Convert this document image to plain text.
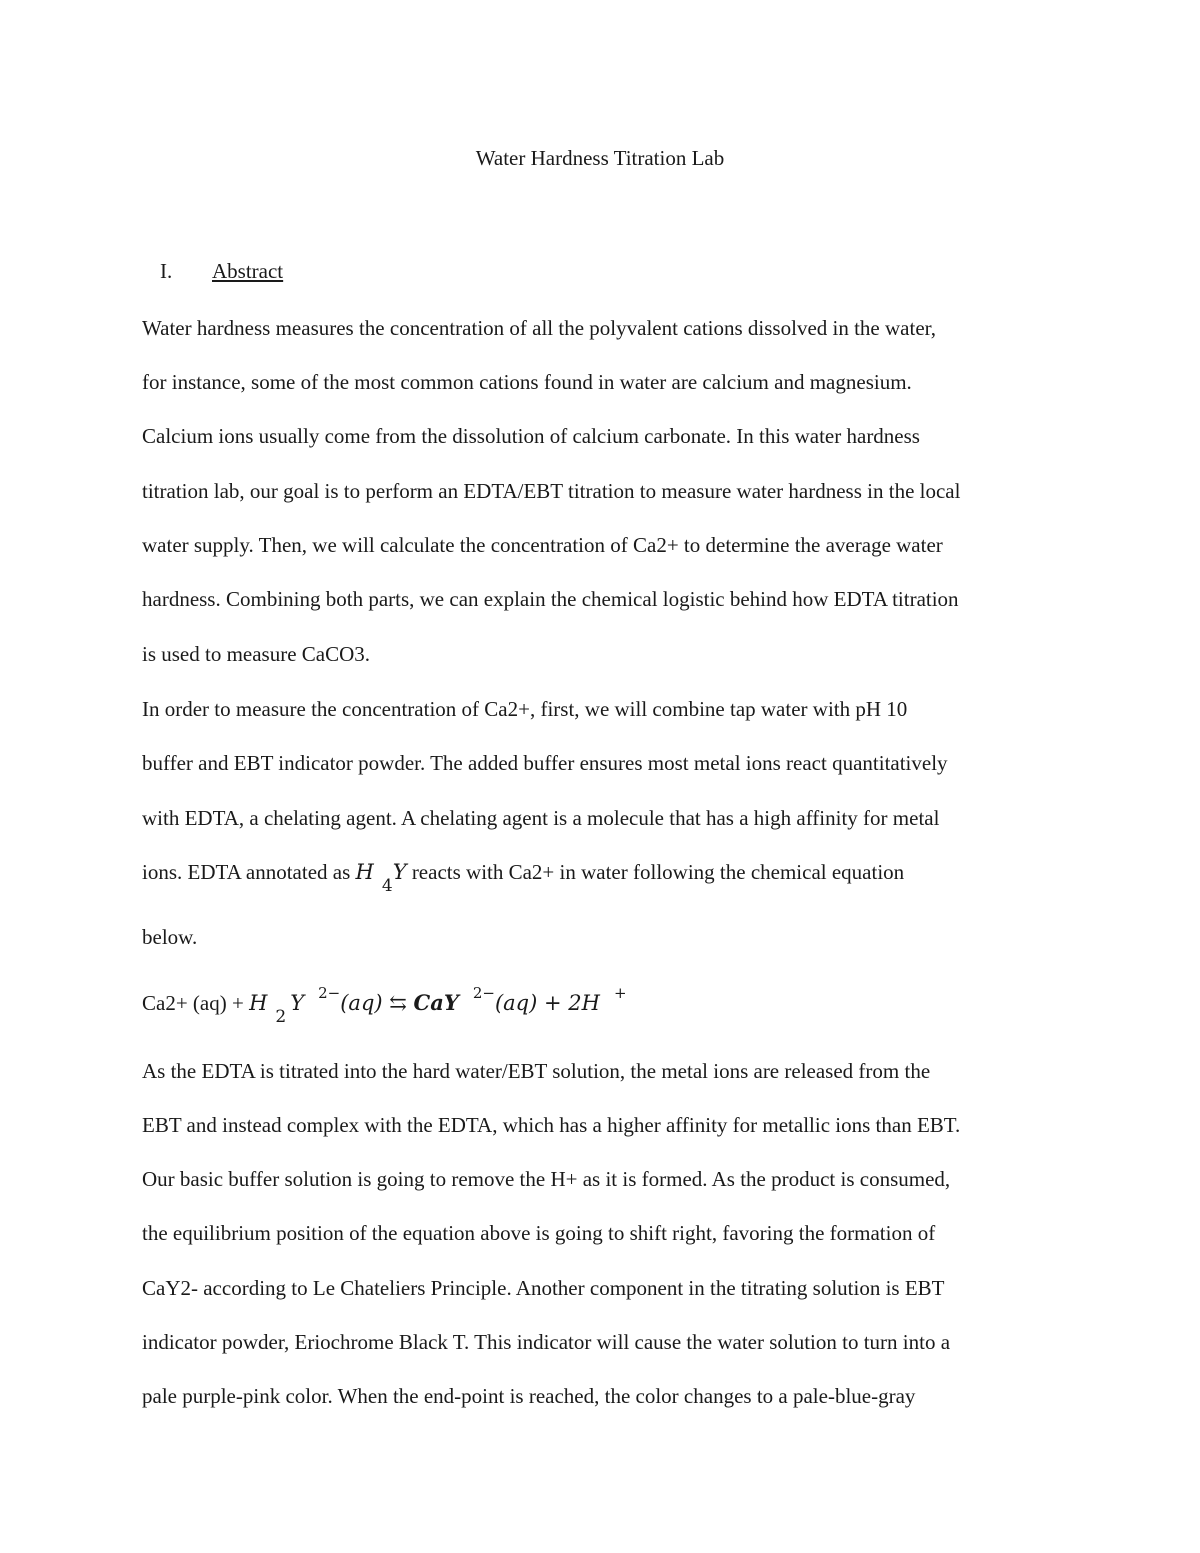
Water Hardness Titration Lab
I. Abstract
Water hardness measures the concentration of all the polyvalent cations dissolved in the water,
for instance, some of the most common cations found in water are calcium and magnesium.
Calcium ions usually come from the dissolution of calcium carbonate. In this water hardness
titration lab, our goal is to perform an EDTA/EBT titration to measure water hardness in the local
water supply. Then, we will calculate the concentration of Ca2+ to determine the average water
hardness. Combining both parts, we can explain the chemical logistic behind how EDTA titration
is used to measure CaCO3.
In order to measure the concentration of Ca2+, first, we will combine tap water with pH 10
buffer and EBT indicator powder. The added buffer ensures most metal ions react quantitatively
with EDTA, a chelating agent. A chelating agent is a molecule that has a high affinity for metal
ions. EDTA annotated as $H_4Y$ reacts with Ca2+ in water following the chemical equation
below.
$Ca2+ (aq) + H_2Y$ $^{2-}$(aq) ⇆ CaY $^{2-}$(aq) + 2H +
As the EDTA is titrated into the hard water/EBT solution, the metal ions are released from the
EBT and instead complex with the EDTA, which has a higher affinity for metallic ions than EBT.
Our basic buffer solution is going to remove the H+ as it is formed. As the product is consumed,
the equilibrium position of the equation above is going to shift right, favoring the formation of
CaY2- according to Le Chateliers Principle. Another component in the titrating solution is EBT
indicator powder, Eriochrome Black T. This indicator will cause the water solution to turn into a
pale purple-pink color. When the end-point is reached, the color changes to a pale-blue-gray
